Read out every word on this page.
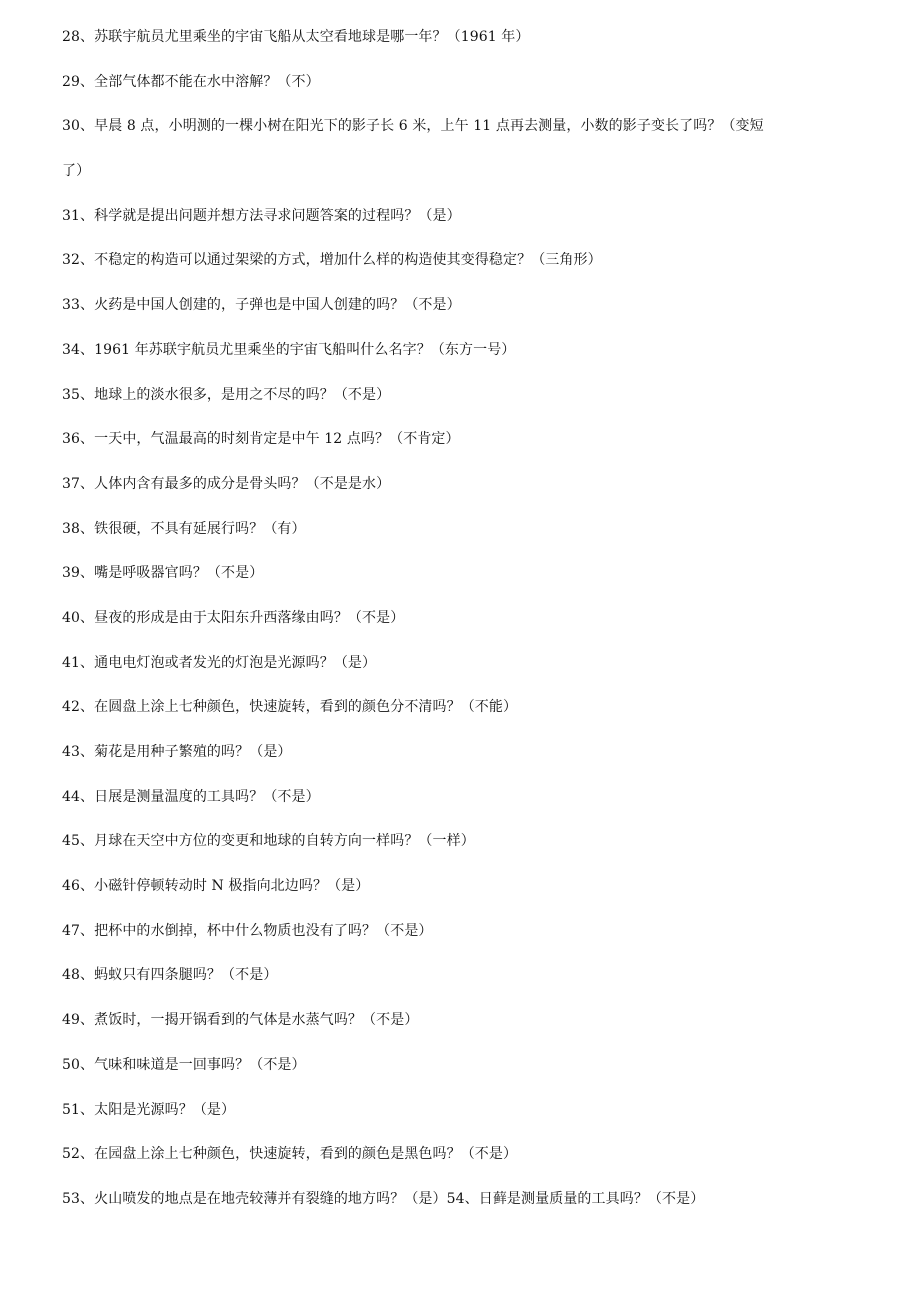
28、苏联宇航员尤里乘坐的宇宙飞船从太空看地球是哪一年？（1961 年）
29、全部气体都不能在水中溶解？（不）
30、早晨 8 点，小明测的一棵小树在阳光下的影子长 6 米，上午 11 点再去测量，小数的影子变长了吗？（变短
了）
31、科学就是提出问题并想方法寻求问题答案的过程吗？（是）
32、不稳定的构造可以通过架梁的方式，增加什么样的构造使其变得稳定？（三角形）
33、火药是中国人创建的，子弹也是中国人创建的吗？（不是）
34、1961 年苏联宇航员尤里乘坐的宇宙飞船叫什么名字？（东方一号）
35、地球上的淡水很多，是用之不尽的吗？（不是）
36、一天中，气温最高的时刻肯定是中午 12 点吗？（不肯定）
37、人体内含有最多的成分是骨头吗？（不是是水）
38、铁很硬，不具有延展行吗？（有）
39、嘴是呼吸器官吗？（不是）
40、昼夜的形成是由于太阳东升西落缘由吗？（不是）
41、通电电灯泡或者发光的灯泡是光源吗？（是）
42、在圆盘上涂上七种颜色，快速旋转，看到的颜色分不清吗？（不能）
43、菊花是用种子繁殖的吗？（是）
44、日展是测量温度的工具吗？（不是）
45、月球在天空中方位的变更和地球的自转方向一样吗？（一样）
46、小磁针停顿转动时 N 极指向北边吗？（是）
47、把杯中的水倒掉，杯中什么物质也没有了吗？（不是）
48、蚂蚁只有四条腿吗？（不是）
49、煮饭时，一揭开锅看到的气体是水蒸气吗？（不是）
50、气味和味道是一回事吗？（不是）
51、太阳是光源吗？（是）
52、在园盘上涂上七种颜色，快速旋转，看到的颜色是黑色吗？（不是）
53、火山喷发的地点是在地壳较薄并有裂缝的地方吗？（是）54、日藓是测量质量的工具吗？（不是）
